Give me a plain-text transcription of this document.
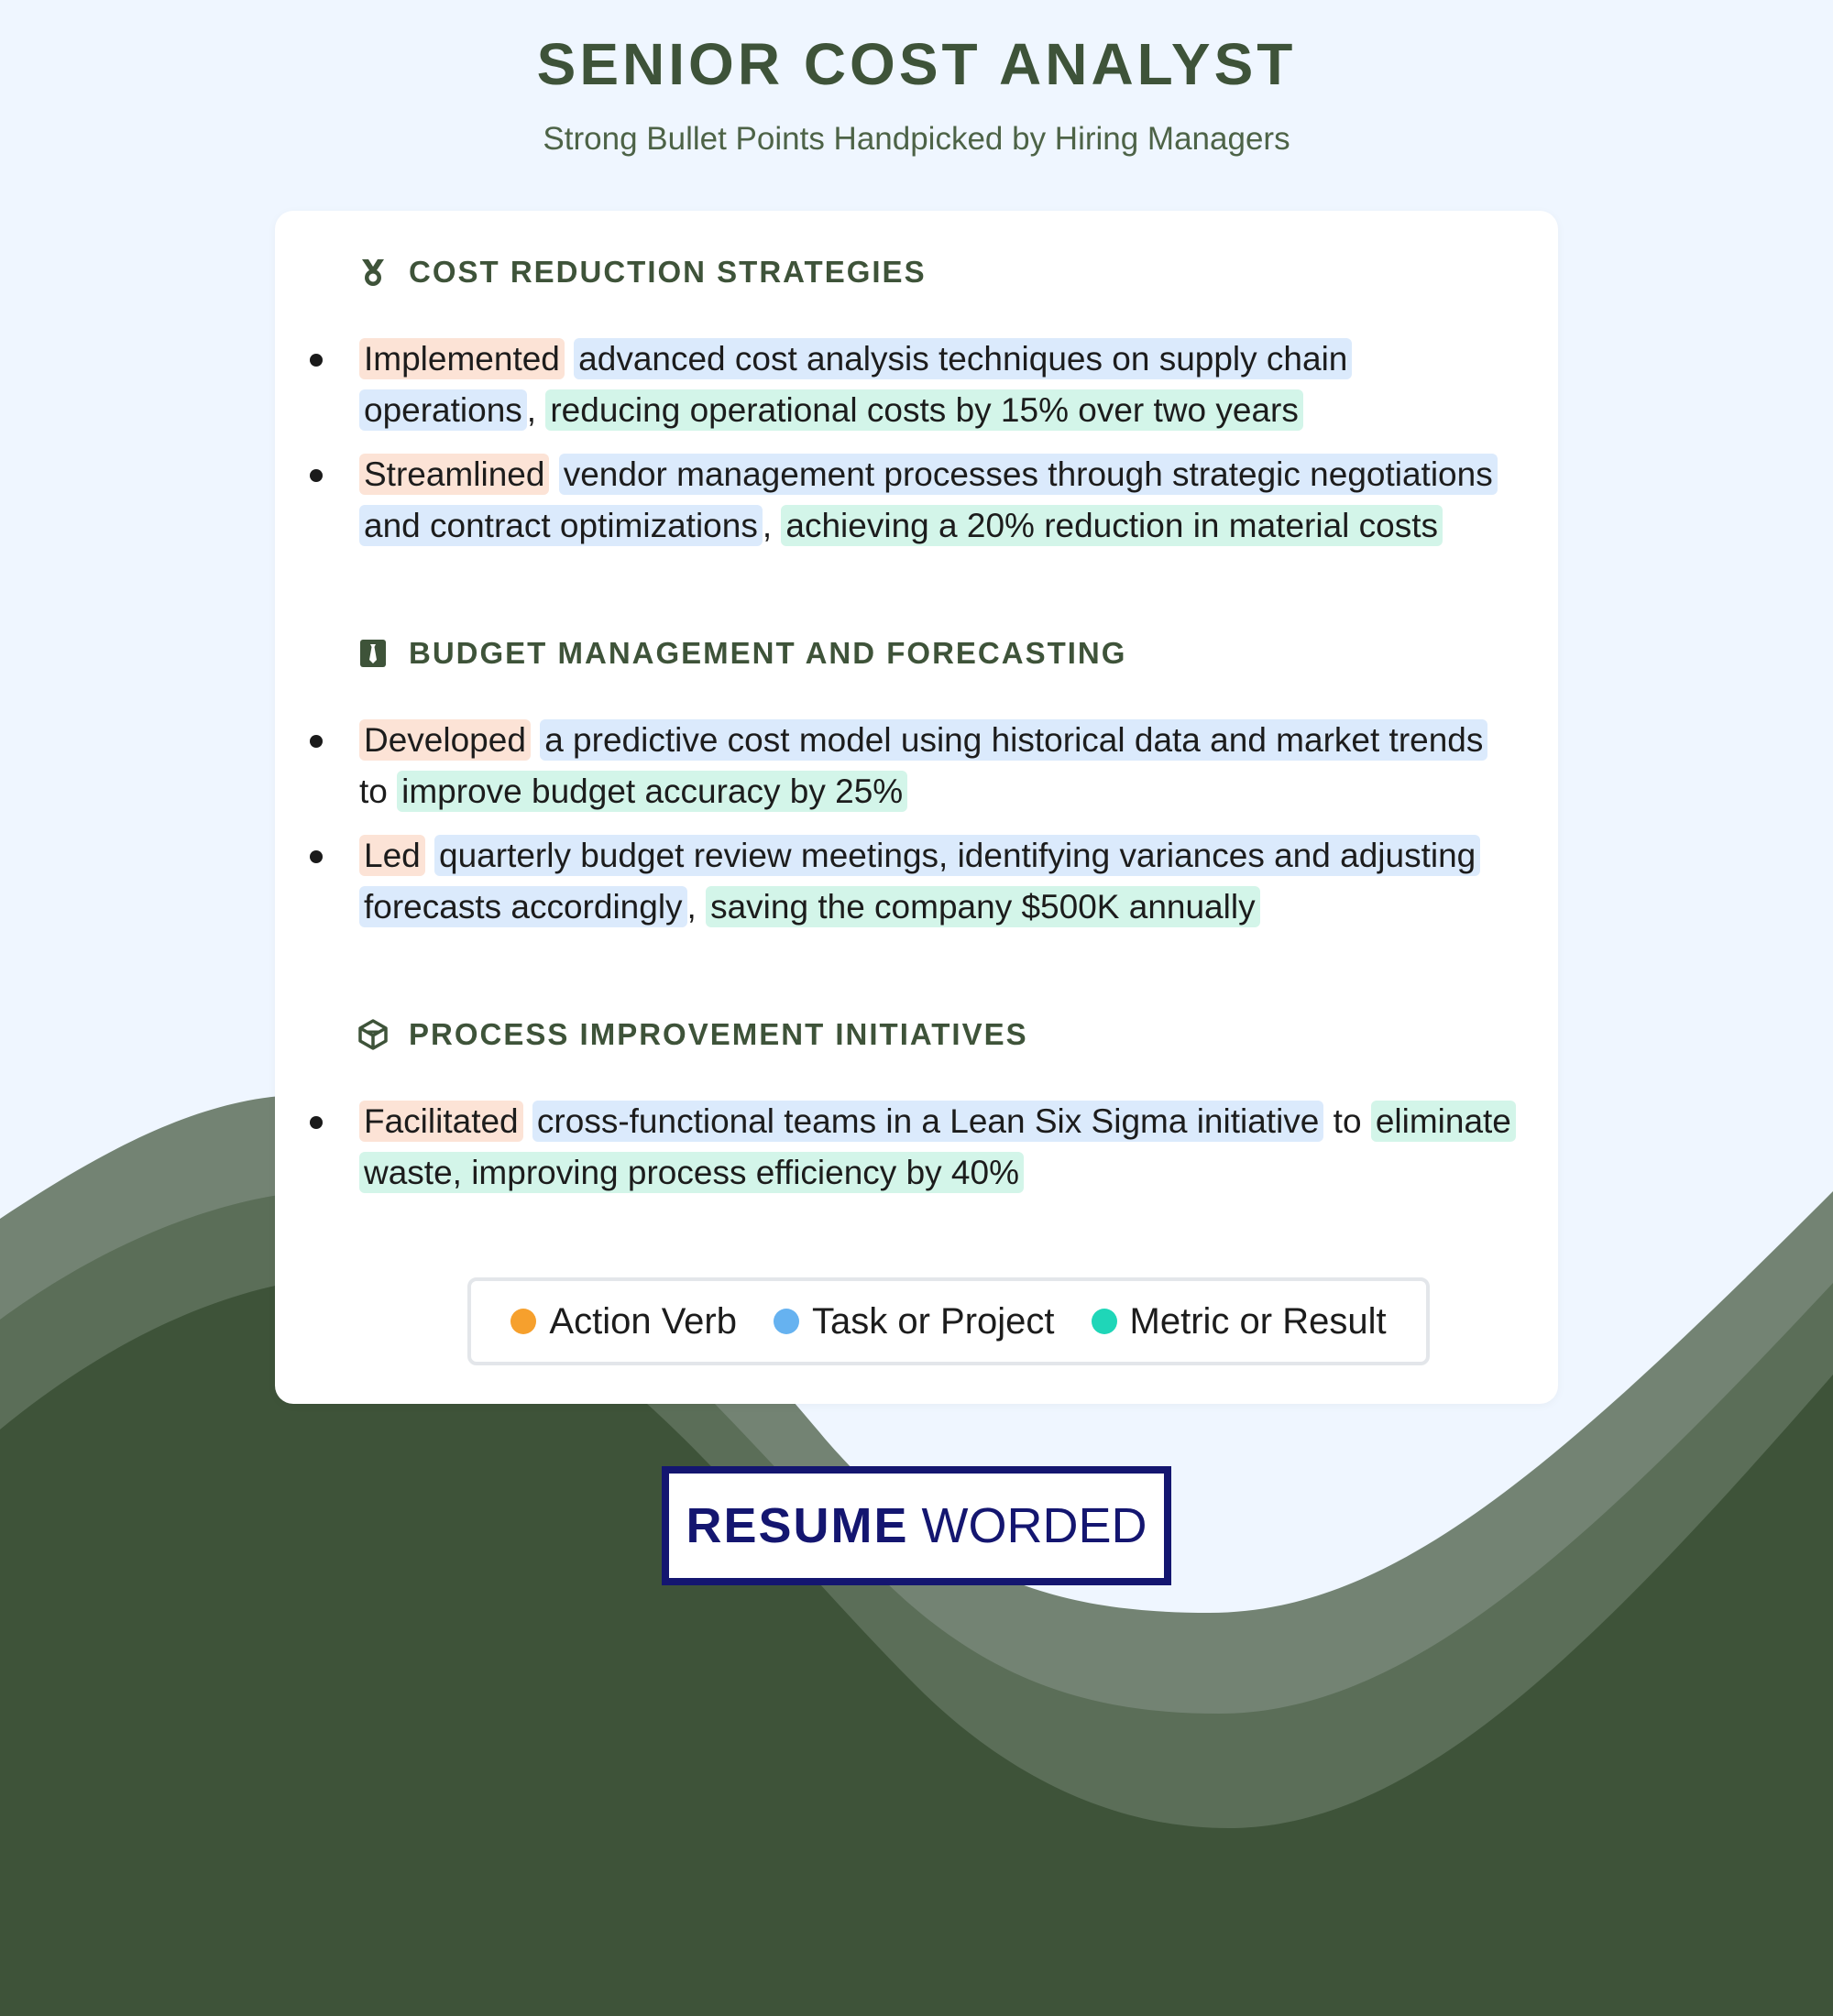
SENIOR COST ANALYST
Strong Bullet Points Handpicked by Hiring Managers
COST REDUCTION STRATEGIES
Implemented advanced cost analysis techniques on supply chain operations , reducing operational costs by 15% over two years
Streamlined vendor management processes through strategic negotiations and contract optimizations , achieving a 20% reduction in material costs
BUDGET MANAGEMENT AND FORECASTING
Developed a predictive cost model using historical data and market trends to improve budget accuracy by 25%
Led quarterly budget review meetings, identifying variances and adjusting forecasts accordingly , saving the company $500K annually
PROCESS IMPROVEMENT INITIATIVES
Facilitated cross-functional teams in a Lean Six Sigma initiative to eliminate waste, improving process efficiency by 40%
Action Verb Task or Project Metric or Result
RESUME WORDED
